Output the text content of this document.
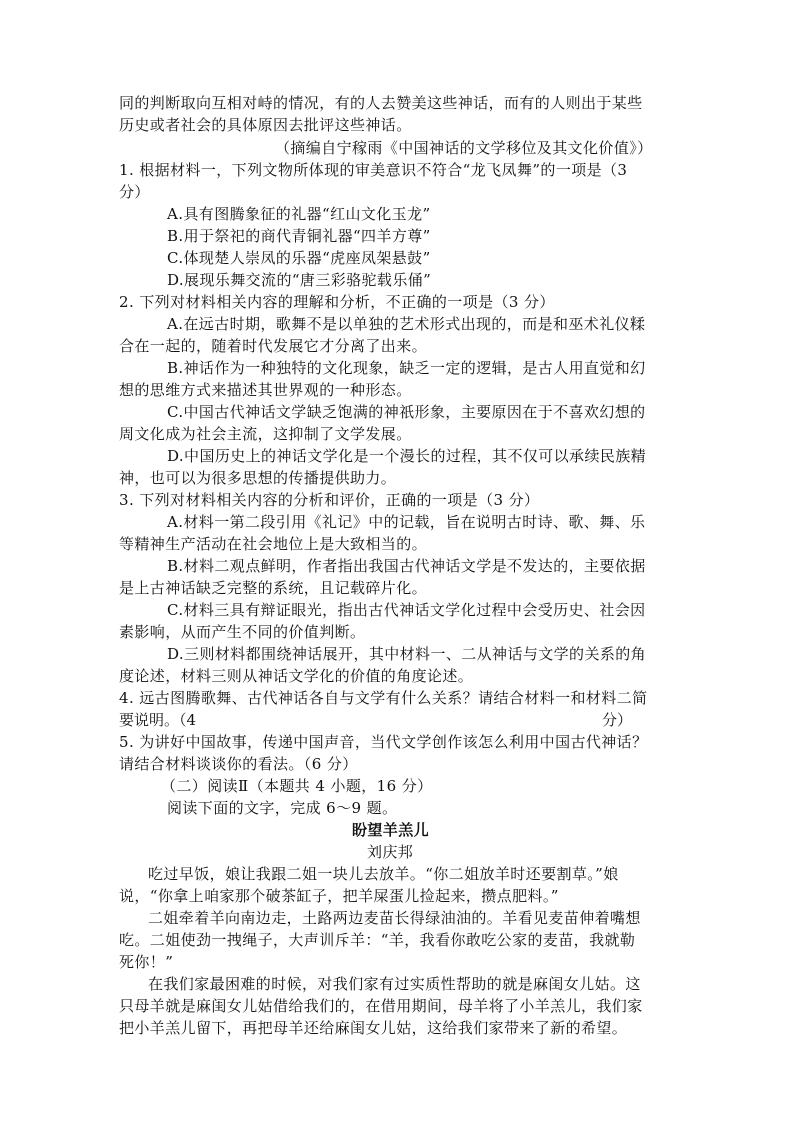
同的判断取向互相对峙的情况，有的人去赞美这些神话，而有的人则出于某些
历史或者社会的具体原因去批评这些神话。
（摘编自宁稼雨《中国神话的文学移位及其文化价值》）
1. 根据材料一，下列文物所体现的审美意识不符合“龙飞凤舞”的一项是（3
分）
A.具有图腾象征的礼器“红山文化玉龙”
B.用于祭祀的商代青铜礼器“四羊方尊”
C.体现楚人崇凤的乐器“虎座凤架悬鼓”
D.展现乐舞交流的“唐三彩骆驼载乐俑”
2. 下列对材料相关内容的理解和分析，不正确的一项是（3 分）
A.在远古时期，歌舞不是以单独的艺术形式出现的，而是和巫术礼仪糅
合在一起的，随着时代发展它才分离了出来。
B.神话作为一种独特的文化现象，缺乏一定的逻辑，是古人用直觉和幻
想的思维方式来描述其世界观的一种形态。
C.中国古代神话文学缺乏饱满的神祇形象，主要原因在于不喜欢幻想的
周文化成为社会主流，这抑制了文学发展。
D.中国历史上的神话文学化是一个漫长的过程，其不仅可以承续民族精
神，也可以为很多思想的传播提供助力。
3. 下列对材料相关内容的分析和评价，正确的一项是（3 分）
A.材料一第二段引用《礼记》中的记载，旨在说明古时诗、歌、舞、乐
等精神生产活动在社会地位上是大致相当的。
B.材料二观点鲜明，作者指出我国古代神话文学是不发达的，主要依据
是上古神话缺乏完整的系统，且记载碎片化。
C.材料三具有辩证眼光，指出古代神话文学化过程中会受历史、社会因
素影响，从而产生不同的价值判断。
D.三则材料都围绕神话展开，其中材料一、二从神话与文学的关系的角
度论述，材料三则从神话文学化的价值的角度论述。
4. 远古图腾歌舞、古代神话各自与文学有什么关系？请结合材料一和材料二简
要说明。（4	分）
5. 为讲好中国故事，传递中国声音，当代文学创作该怎么利用中国古代神话？
请结合材料谈谈你的看法。（6 分）
（二）阅读Ⅱ（本题共 4 小题，16 分）
阅读下面的文字，完成 6～9 题。
盼望羊羔儿
刘庆邦
吃过早饭，娘让我跟二姐一块儿去放羊。“你二姐放羊时还要割草。”娘
说，“你拿上咱家那个破茶缸子，把羊屎蛋儿捡起来，攒点肥料。”
二姐牵着羊向南边走，土路两边麦苗长得绿油油的。羊看见麦苗伸着嘴想
吃。二姐使劲一拽绳子，大声训斥羊：“羊，我看你敢吃公家的麦苗，我就勒
死你！”
在我们家最困难的时候，对我们家有过实质性帮助的就是麻闺女儿姑。这
只母羊就是麻闺女儿姑借给我们的，在借用期间，母羊将了小羊羔儿，我们家
把小羊羔儿留下，再把母羊还给麻闺女儿姑，这给我们家带来了新的希望。
